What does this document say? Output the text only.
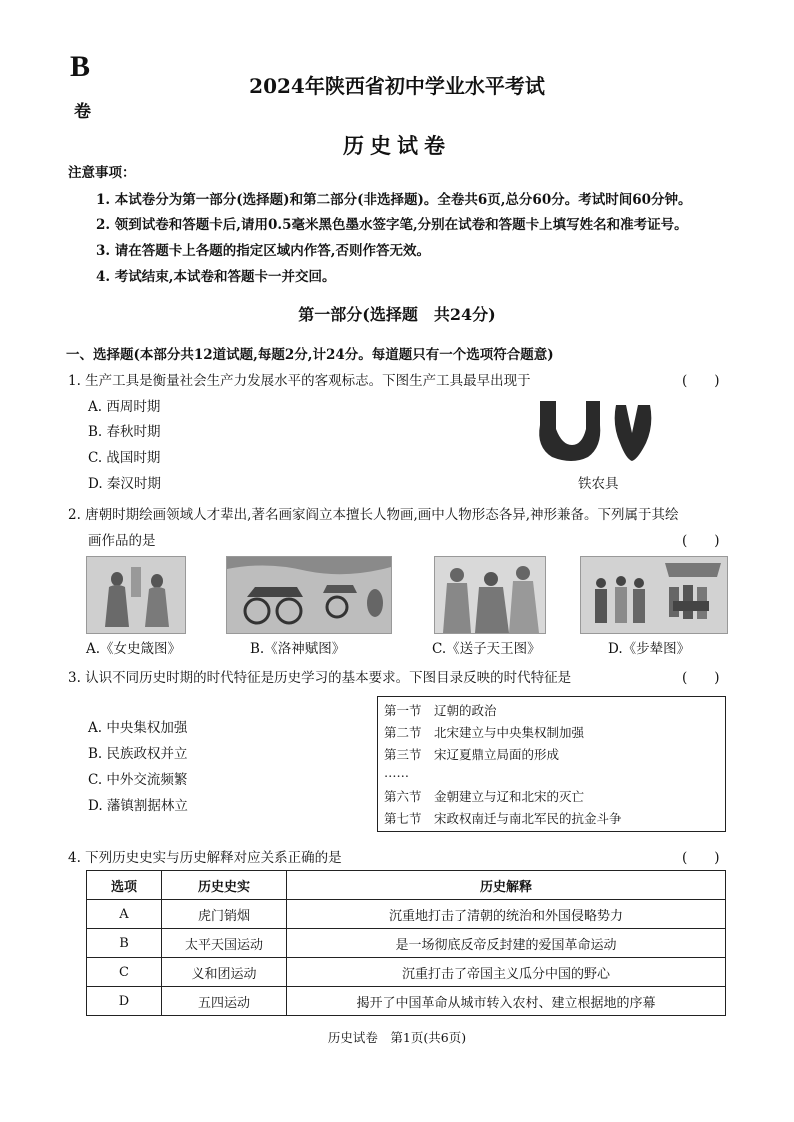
B
卷
2024年陕西省初中学业水平考试
历史试卷
注意事项：
1. 本试卷分为第一部分(选择题)和第二部分(非选择题)。全卷共6页,总分60分。考试时间60分钟。
2. 领到试卷和答题卡后,请用0.5毫米黑色墨水签字笔,分别在试卷和答题卡上填写姓名和准考证号。
3. 请在答题卡上各题的指定区域内作答,否则作答无效。
4. 考试结束,本试卷和答题卡一并交回。
第一部分(选择题　共24分)
一、选择题(本部分共12道试题,每题2分,计24分。每道题只有一个选项符合题意)
1. 生产工具是衡量社会生产力发展水平的客观标志。下图生产工具最早出现于	(　　)
A. 西周时期
B. 春秋时期
C. 战国时期
D. 秦汉时期	铁农具
2. 唐朝时期绘画领域人才辈出,著名画家阎立本擅长人物画,画中人物形态各异,神形兼备。下列属于其绘
画作品的是	(　　)
A.《女史箴图》	B.《洛神赋图》	C.《送子天王图》	D.《步辇图》
3. 认识不同历史时期的时代特征是历史学习的基本要求。下图目录反映的时代特征是	(　　)
A. 中央集权加强
B. 民族政权并立
C. 中外交流频繁
D. 藩镇割据林立
第一节　辽朝的政治
第二节　北宋建立与中央集权制加强
第三节　宋辽夏鼎立局面的形成
……
第六节　金朝建立与辽和北宋的灭亡
第七节　宋政权南迁与南北军民的抗金斗争
4. 下列历史史实与历史解释对应关系正确的是	(　　)
选项	历史史实	历史解释
A	虎门销烟	沉重地打击了清朝的统治和外国侵略势力
B	太平天国运动	是一场彻底反帝反封建的爱国革命运动
C	义和团运动	沉重打击了帝国主义瓜分中国的野心
D	五四运动	揭开了中国革命从城市转入农村、建立根据地的序幕
历史试卷　第1页(共6页)
